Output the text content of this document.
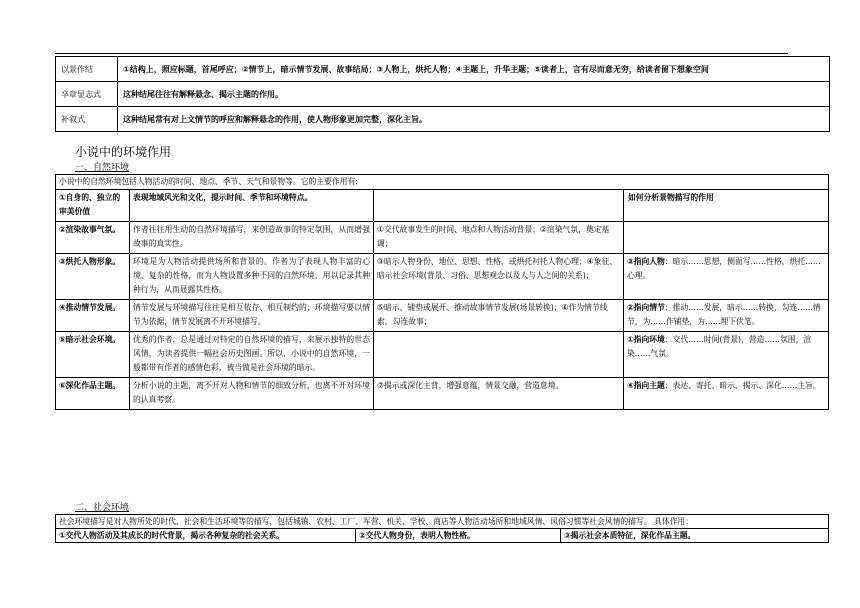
以景作结	①结构上，照应标题，首尾呼应；②情节上，暗示情节发展、故事结局；③人物上，烘托人物；④主题上，升华主题；⑤读者上，言有尽而意无穷，给读者留下想象空间
卒章显志式	这种结尾往往有解释悬念、揭示主题的作用。
补叙式	这种结尾常有对上文情节的呼应和解释悬念的作用，使人物形象更加完整，深化主旨。
小说中的环境作用
一、自然环境
小说中的自然环境包括人物活动的时间、地点、季节、天气和景物等。它的主要作用有:			
①自身的、独立的审美价值	表现地域风光和文化，提示时间、季节和环境特点。		如何分析景物描写的作用
②渲染故事气氛。	作者往往用生动的自然环境描写，来创造故事的特定氛围，从而增强故事的真实性。	①交代故事发生的时间、地点和人物活动背景；②渲染气氛，奠定基调；	
③烘托人物形象。	环境是为人物活动提供场所和背景的。作者为了表现人物丰富的心境、复杂的性格，而为人物设置多种不同的自然环境，用以记录其种种行为，从而显露其性格。	③暗示人物身份、地位、思想、性格，或烘托衬托人物心理；④象征、暗示社会环境(背景、习俗、思想观念以及人与人之间的关系)；	③指向人物：暗示……思想，侧面写……性格，烘托……心理。
④推动情节发展。	情节发展与环境描写往往是相互依存、相互制约的；环境描写要以情节为依据，情节发展离不开环境描写。	⑤暗示、铺垫或展开、推动故事情节发展(场景转换)；⑥作为情节线索，勾连故事；	②指向情节：推动……发展，暗示……转换，勾连……情节，为……作铺垫，为……埋下伏笔。
⑤暗示社会环境。	优秀的作者，总是通过对特定的自然环境的描写，来展示独特的世态风情，为读者提供一幅社会历史图画。所以，小说中的自然环境，一般都带有作者的感情色彩，被当做是社会环境的暗示。		①指向环境：交代……时间(背景)，营造……氛围，渲染……气氛。
⑥深化作品主题。	分析小说的主题，离不开对人物和情节的细致分析，也离不开对环境的认真考察。	⑦揭示或深化主背，增强意蕴，情景交融，营造意境。	④指向主题：表达、寄托、暗示、揭示、深化……主旨。
二、社会环境
社会环境描写是对人物所处的时代、社会和生活环境等的描写，包括城镇、农村、工厂、军营、机关、学校、商店等人物活动场所和地域风情、风俗习惯等社会风情的描写。 具体作用：
①交代人物活动及其成长的时代背景，揭示各种复杂的社会关系。	②交代人物身份，表明人物性格。	③揭示社会本质特征，深化作品主题。
